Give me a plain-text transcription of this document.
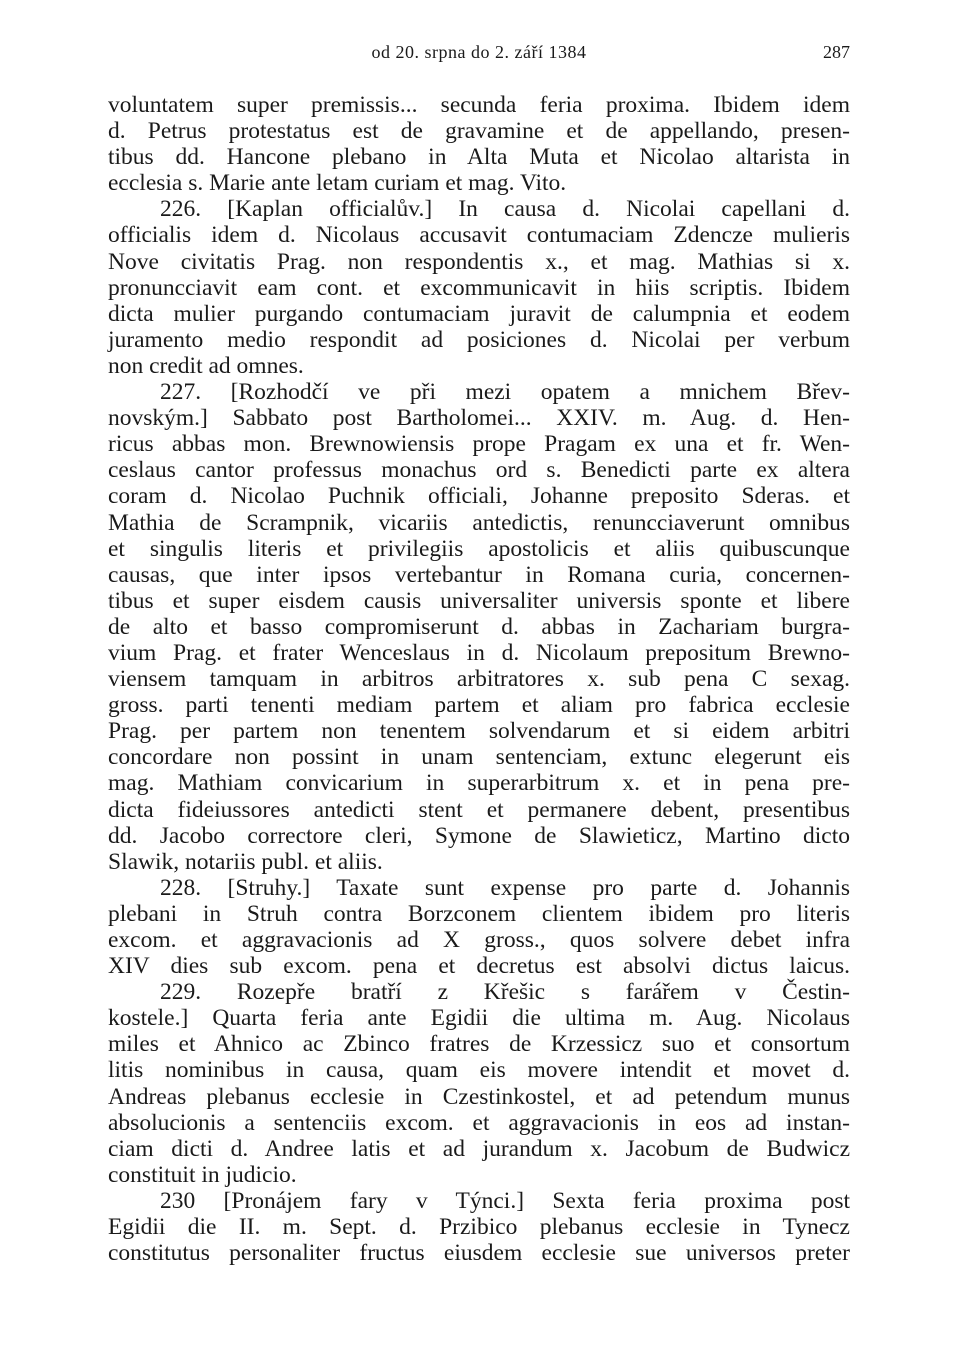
od 20. srpna do 2. září 1384	287
voluntatem super premissis... secunda feria proxima. Ibidem idem
d. Petrus protestatus est de gravamine et de appellando, presen-
tibus dd. Hancone plebano in Alta Muta et Nicolao altarista in
ecclesia s. Marie ante letam curiam et mag. Vito.
226. [Kaplan officialův.] In causa d. Nicolai capellani d.
officialis idem d. Nicolaus accusavit contumaciam Zdencze mulieris
Nove civitatis Prag. non respondentis x., et mag. Mathias si x.
pronuncciavit eam cont. et excommunicavit in hiis scriptis. Ibidem
dicta mulier purgando contumaciam juravit de calumpnia et eodem
juramento medio respondit ad posiciones d. Nicolai per verbum
non credit ad omnes.
227. [Rozhodčí ve při mezi opatem a mnichem Břev-
novským.] Sabbato post Bartholomei... XXIV. m. Aug. d. Hen-
ricus abbas mon. Brewnowiensis prope Pragam ex una et fr. Wen-
ceslaus cantor professus monachus ord s. Benedicti parte ex altera
coram d. Nicolao Puchnik officiali, Johanne preposito Sderas. et
Mathia de Scrampnik, vicariis antedictis, renuncciaverunt omnibus
et singulis literis et privilegiis apostolicis et aliis quibuscunque
causas, que inter ipsos vertebantur in Romana curia, concernen-
tibus et super eisdem causis universaliter universis sponte et libere
de alto et basso compromiserunt d. abbas in Zachariam burgra-
vium Prag. et frater Wenceslaus in d. Nicolaum prepositum Brewno-
viensem tamquam in arbitros arbitratores x. sub pena C sexag.
gross. parti tenenti mediam partem et aliam pro fabrica ecclesie
Prag. per partem non tenentem solvendarum et si eidem arbitri
concordare non possint in unam sentenciam, extunc elegerunt eis
mag. Mathiam convicarium in superarbitrum x. et in pena pre-
dicta fideiussores antedicti stent et permanere debent, presentibus
dd. Jacobo correctore cleri, Symone de Slawieticz, Martino dicto
Slawik, notariis publ. et aliis.
228. [Struhy.] Taxate sunt expense pro parte d. Johannis
plebani in Struh contra Borzconem clientem ibidem pro literis
excom. et aggravacionis ad X gross., quos solvere debet infra
XIV dies sub excom. pena et decretus est absolvi dictus laicus.
229. Rozepře bratří z Křešic s farářem v Čestin-
kostele.] Quarta feria ante Egidii die ultima m. Aug. Nicolaus
miles et Ahnico ac Zbinco fratres de Krzessicz suo et consortum
litis nominibus in causa, quam eis movere intendit et movet d.
Andreas plebanus ecclesie in Czestinkostel, et ad petendum munus
absolucionis a sentenciis excom. et aggravacionis in eos ad instan-
ciam dicti d. Andree latis et ad jurandum x. Jacobum de Budwicz
constituit in judicio.
230 [Pronájem fary v Týnci.] Sexta feria proxima post
Egidii die II. m. Sept. d. Przibico plebanus ecclesie in Tynecz
constitutus personaliter fructus eiusdem ecclesie sue universos preter
